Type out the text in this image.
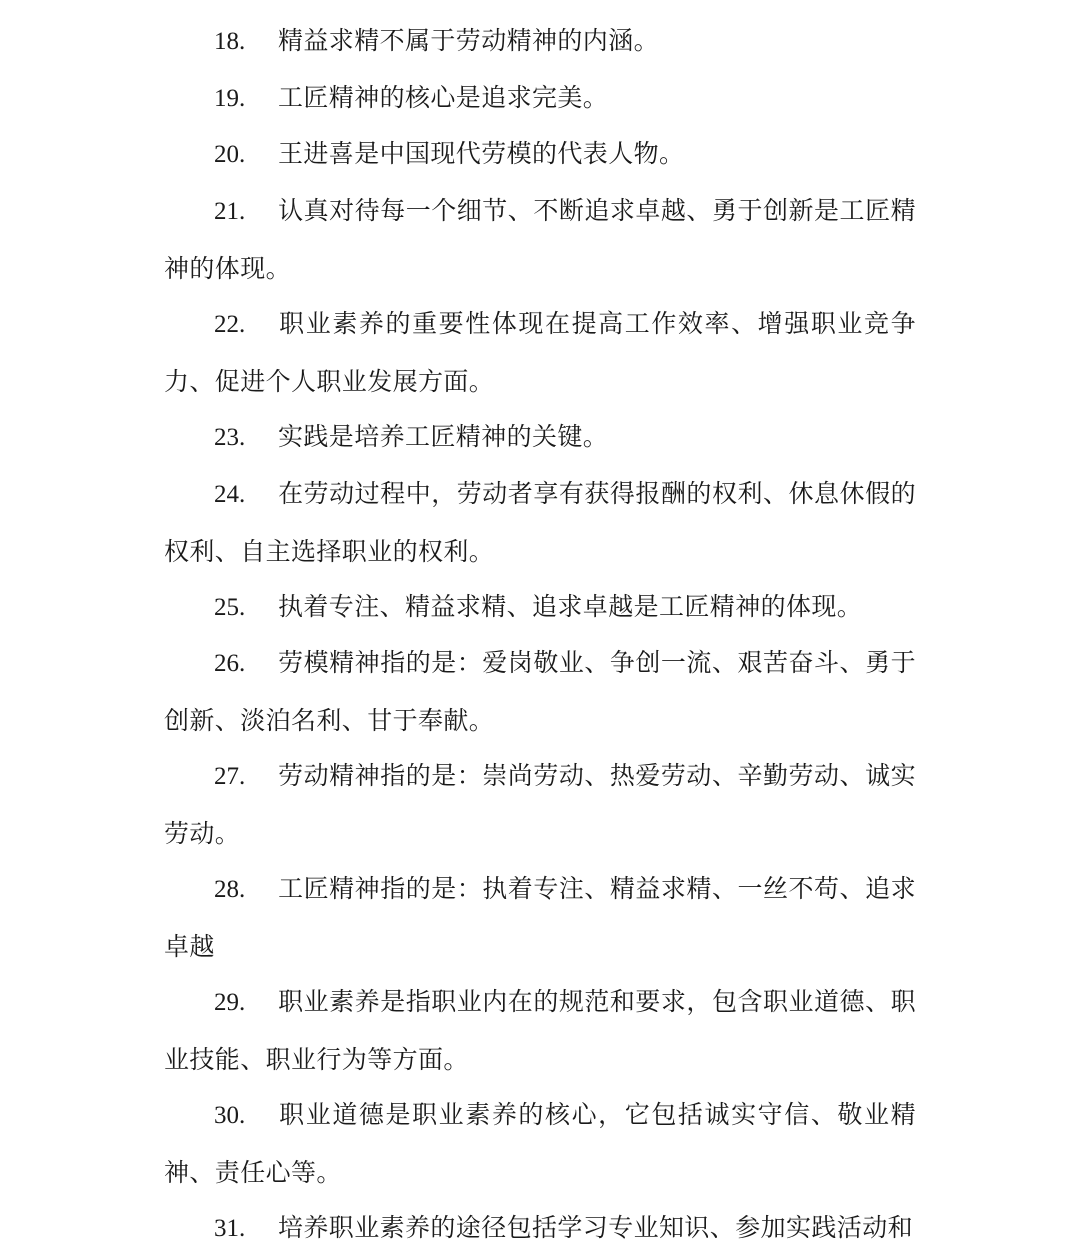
18. 精益求精不属于劳动精神的内涵。

19. 工匠精神的核心是追求完美。

20. 王进喜是中国现代劳模的代表人物。

21. 认真对待每一个细节、不断追求卓越、勇于创新是工匠精神的体现。

22. 职业素养的重要性体现在提高工作效率、增强职业竞争力、促进个人职业发展方面。

23. 实践是培养工匠精神的关键。

24. 在劳动过程中，劳动者享有获得报酬的权利、休息休假的权利、自主选择职业的权利。

25. 执着专注、精益求精、追求卓越是工匠精神的体现。

26. 劳模精神指的是：爱岗敬业、争创一流、艰苦奋斗、勇于创新、淡泊名利、甘于奉献。

27. 劳动精神指的是：崇尚劳动、热爱劳动、辛勤劳动、诚实劳动。

28. 工匠精神指的是：执着专注、精益求精、一丝不苟、追求卓越

29. 职业素养是指职业内在的规范和要求，包含职业道德、职业技能、职业行为等方面。

30. 职业道德是职业素养的核心，它包括诚实守信、敬业精神、责任心等。

31. 培养职业素养的途径包括学习专业知识、参加实践活动和
